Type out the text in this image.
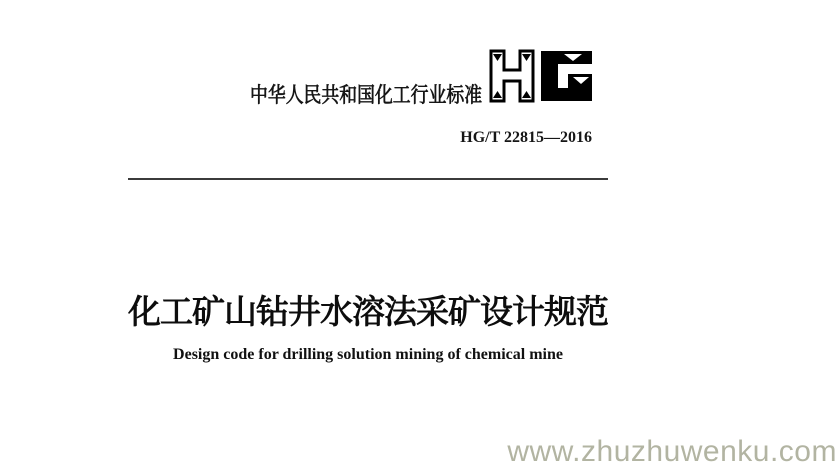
中华人民共和国化工行业标准
HG/T 22815—2016
化工矿山钻井水溶法采矿设计规范
Design code for drilling solution mining of chemical mine
www.zhuzhuwenku.com
